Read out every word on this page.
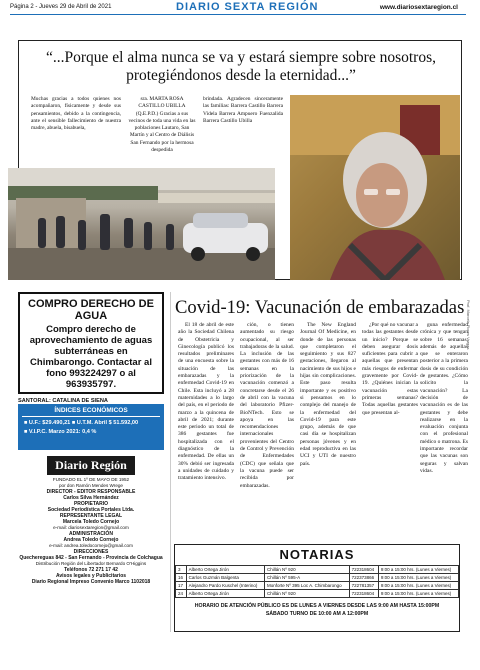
Página 2 - Jueves 29 de Abril de 2021	DIARIO SEXTA REGIÓN	www.diariosextaregion.cl
“...Porque el alma nunca se va y estará siempre sobre nosotros, protegiéndonos desde la eternidad...”
Muchas gracias a todos quienes nos acompañaron, físicamente y desde sus pensamientos, debido a la contingencia, ante el sensible fallecimiento de nuestra madre, abuela, bisabuela,
sra. MARTA ROSA CASTILLO UBILLA (Q.E.P.D.) Gracias a sus vecinos de toda una vida en las poblaciones Lautaro, San Martín y al Centro de Diálisis San Fernando por la hermosa despedida
brindada. Agradecen sinceramente las familias: Barrera Castillo Barrera Videla Barrera Ampuero Fuenzalida Barrera Castillo Ubilla
COMPRO DERECHO DE AGUA
Compro derecho de aprovechamiento de aguas subterráneas en Chimbarongo. Contactar al fono 993224297 o al 963935797.
SANTORAL: CATALINA DE SIENA
ÍNDICES ECONÓMICOS
■ U.F.: $29.490,21 ■ U.T.M. Abril $ 51.592,00
■ V.I.P.C. Marzo 2021: 0,4 %
Diario Región
FUNDADO EL 1º DE MAYO DE 1952
por don Ramón Mendes Wrege
DIRECTOR - EDITOR RESPONSABLE
Carlos Silva Hernández
PROPIETARIO
Sociedad Periodística Portales Ltda.
REPRESENTANTE LEGAL
Marcela Toledo Cornejo
e-mail: diariosextaregion@gmail.com
ADMINISTRACIÓN
Andrea Toledo Cornejo
e-mail: andrea.toledocornejo@gmail.com
DIRECCIONES
Quechereguas 842 - San Fernando - Provincia de Colchagua
Distribución Región del Libertador Bernardo O'Higgins
Teléfonos 72 271 17 42
Avisos legales y Publicitarios
Diario Regional Impreso Convenio Marco 1102018
Covid-19: Vacunación de embarazadas

El 18 de abril de este año la Sociedad Chilena de Obstetricia y Ginecología publicó los resultados preliminares de una encuesta sobre la situación de las embarazadas y la enfermedad Covid-19 en Chile. Esta incluyó a 28 maternidades a lo largo del país, en el periodo de marzo a la quincena de abril de 2021; durante este periodo un total de 386 gestantes fue hospitalizada con el diagnóstico de la enfermedad. De ellas un 30% debió ser ingresada a unidades de cuidado y tratamiento intensivo.

ción, o tienen aumentado su riesgo ocupacional, al ser trabajadoras de la salud. La inclusión de las gestantes con más de 16 semanas en la priorización de la vacunación comenzó a concretarse desde el 26 de abril con la vacuna del laboratorio Pfizer-BioNTech. Esto se apoya en las recomendaciones internacionales provenientes del Centro de Control y Prevención de Enfermedades (CDC) que señala que la vacuna puede ser recibida por embarazadas.

The New England Journal Of Medicine, en donde de las personas que completaron el seguimiento y sus 827 gestaciones, llegaron al nacimiento de sus hijos e hijas sin complicaciones. Este paso resulta importante y es positivo si pensamos en lo complejo del manejo de la enfermedad del Covid-19 para este grupo, además de que casi día se hospitalizan personas jóvenes y en edad reproductiva en las UCI y UTI de nuestro país.

¿Por qué no vacunar a todas las gestantes desde un inicio? Porque se deben asegurar dosis suficientes para cubrir a aquellas que presentan más riesgos de enfermar gravemente por Covid-19. ¿Quiénes inician la vacunación estas primeras semanas? Todas aquellas gestantes que presentan al-

guna enfermedad crónica y que tengan sobre 16 semanas, además de aquellas que se enteraron posterior a la primera dosis de su condición de gestantes. ¿Cómo solicito la vacunación? La decisión de vacunación es de las gestantes y debe realizarse en la evaluación conjunta con el profesional médico o matrona. Es importante recordar que las vacunas son seguras y salvan vidas.

Prof. Marcela Flores Vargas
NOTARIAS
3	Alberto Ortega Jirón	Chillán Nº 920	722318604	9:00 a 15:00 hrs. (Lunes a Viernes)
16	Carlos Guzmán Balgenta	Chillán Nº 595-A	722373866	9:00 a 15:00 hrs. (Lunes a Viernes)
17	Alejandro Pardo Kuschel (Interino)	Monforte Nº 395 Loc A. Chimbarongo	722781357	9:00 a 15:00 hrs. (Lunes a Viernes)
24	Alberto Ortega Jirón	Chillán Nº 920	722318604	9:00 a 15:00 hrs. (Lunes a Viernes)
HORARIO DE ATENCIÓN PÚBLICO ES DE LUNES A VIERNES DESDE LAS 9:00 AM HASTA 15:00PM
SÁBADO TURNO DE 10:00 AM A 12:00PM
